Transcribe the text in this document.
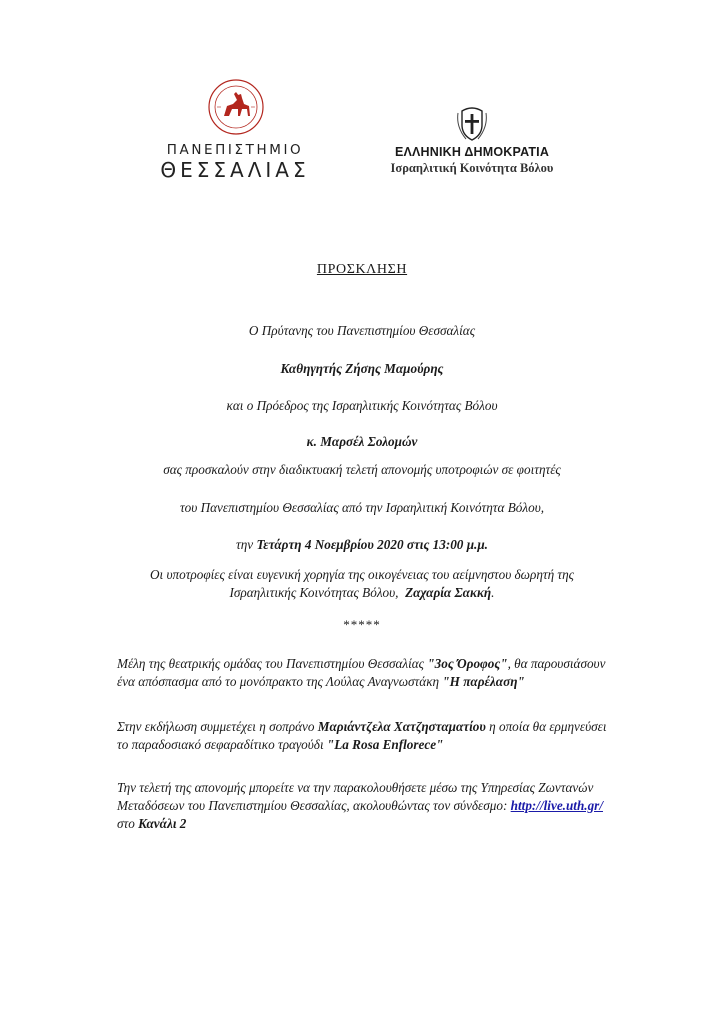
ΠΑΝΕΠΙΣΤΗΜΙΟ
ΘΕΣΣΑΛΙΑΣ
ΕΛΛΗΝΙΚΗ ΔΗΜΟΚΡΑΤΙΑ
Ισραηλιτική Κοινότητα Βόλου
ΠΡΟΣΚΛΗΣΗ
Ο Πρύτανης του Πανεπιστημίου Θεσσαλίας
Καθηγητής Ζήσης Μαμούρης
και ο Πρόεδρος της Ισραηλιτικής Κοινότητας Βόλου
κ. Μαρσέλ Σολομών
σας προσκαλούν στην διαδικτυακή τελετή απονομής υποτροφιών σε φοιτητές
του Πανεπιστημίου Θεσσαλίας από την Ισραηλιτική Κοινότητα Βόλου,
την Τετάρτη 4 Νοεμβρίου 2020 στις 13:00 μ.μ.
Οι υποτροφίες είναι ευγενική χορηγία της οικογένειας του αείμνηστου δωρητή της
Ισραηλιτικής Κοινότητας Βόλου, Ζαχαρία Σακκή.
*****
Μέλη της θεατρικής ομάδας του Πανεπιστημίου Θεσσαλίας "3ος Όροφος", θα παρουσιάσουν ένα απόσπασμα από το μονόπρακτο της Λούλας Αναγνωστάκη "Η παρέλαση"
Στην εκδήλωση συμμετέχει η σοπράνο Μαριάντζελα Χατζησταματίου η οποία θα ερμηνεύσει το παραδοσιακό σεφαραδίτικο τραγούδι "La Rosa Enflorece"
Την τελετή της απονομής μπορείτε να την παρακολουθήσετε μέσω της Υπηρεσίας Ζωντανών Μεταδόσεων του Πανεπιστημίου Θεσσαλίας, ακολουθώντας τον σύνδεσμο: http://live.uth.gr/ στο Κανάλι 2
